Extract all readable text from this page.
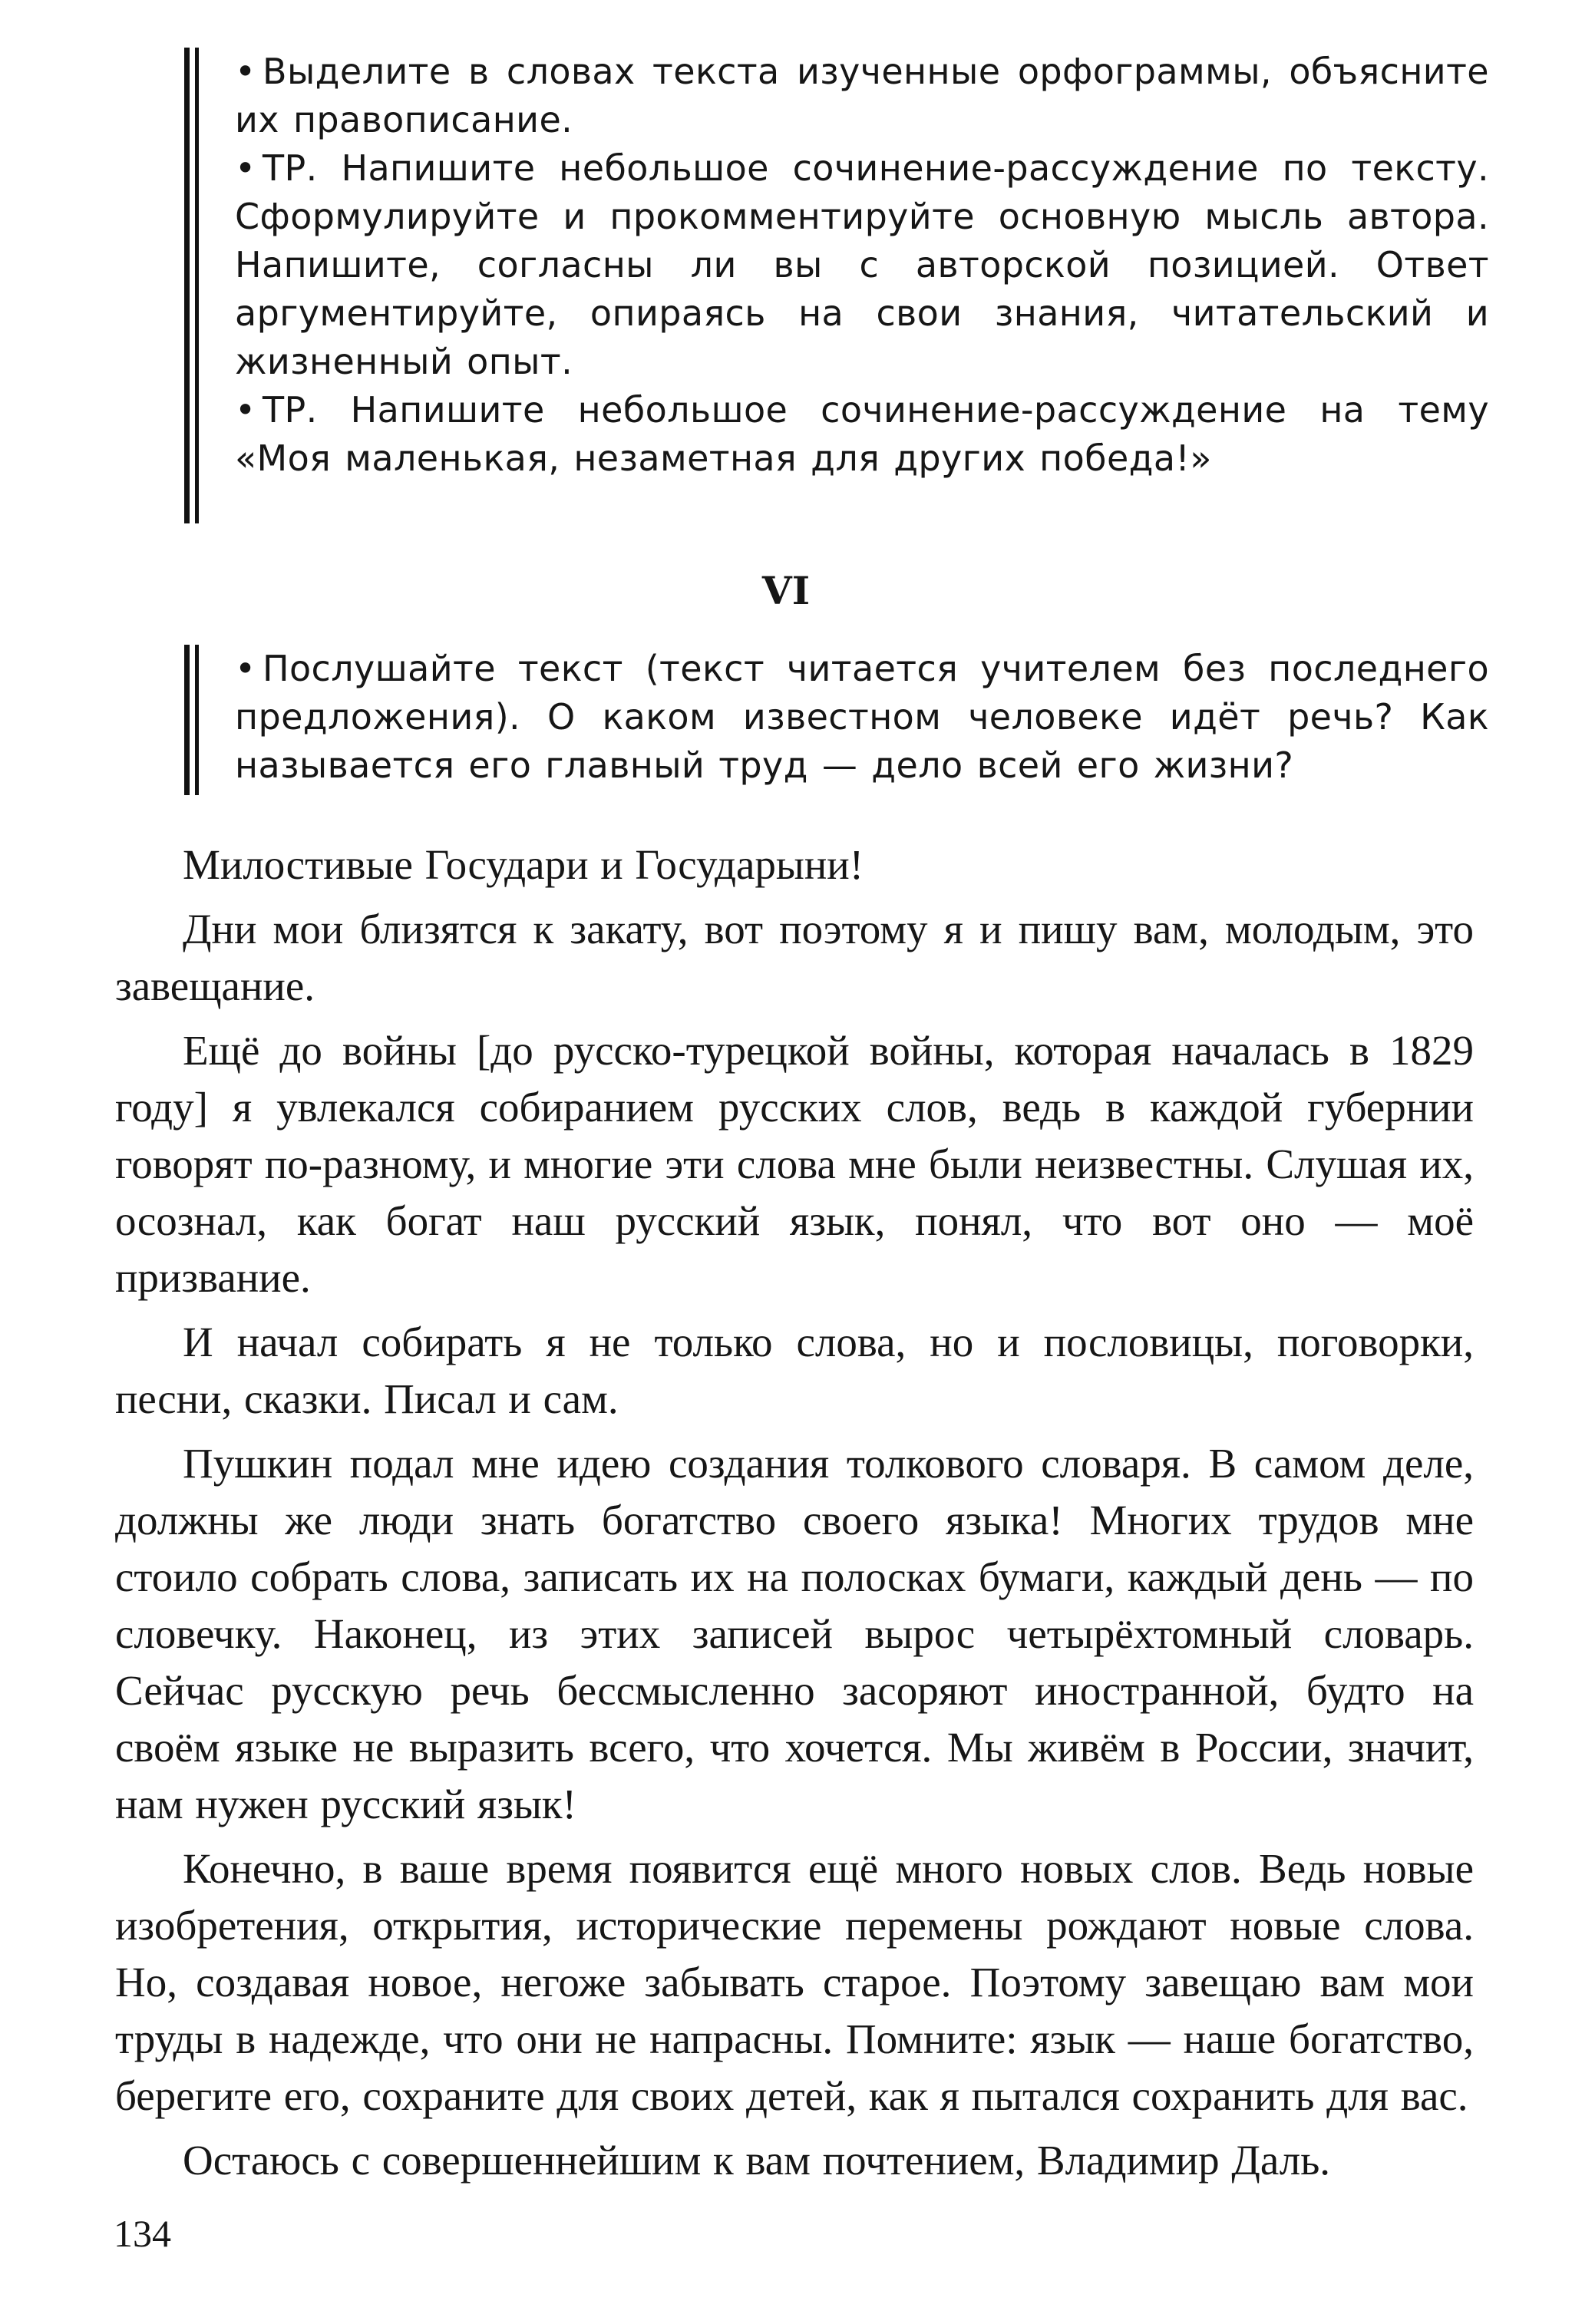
• Выделите в словах текста изученные орфограммы, объясните их правописание.

• ТР. Напишите небольшое сочинение-рассуждение по тексту. Сформулируйте и прокомментируйте основную мысль автора. Напишите, согласны ли вы с авторской позицией. Ответ аргументируйте, опираясь на свои знания, читательский и жизненный опыт.

• ТР. Напишите небольшое сочинение-рассуждение на тему «Моя маленькая, незаметная для других победа!»

VI

• Послушайте текст (текст читается учителем без последнего предложения). О каком известном человеке идёт речь? Как называется его главный труд — дело всей его жизни?

Милостивые Государи и Государыни!

Дни мои близятся к закату, вот поэтому я и пишу вам, молодым, это завещание.

Ещё до войны [до русско-турецкой войны, которая началась в 1829 году] я увлекался собиранием русских слов, ведь в каждой губернии говорят по-разному, и многие эти слова мне были неизвестны. Слушая их, осознал, как богат наш русский язык, понял, что вот оно — моё призвание.

И начал собирать я не только слова, но и пословицы, поговорки, песни, сказки. Писал и сам.

Пушкин подал мне идею создания толкового словаря. В самом деле, должны же люди знать богатство своего языка! Многих трудов мне стоило собрать слова, записать их на полосках бумаги, каждый день — по словечку. Наконец, из этих записей вырос четырёхтомный словарь. Сейчас русскую речь бессмысленно засоряют иностранной, будто на своём языке не выразить всего, что хочется. Мы живём в России, значит, нам нужен русский язык!

Конечно, в ваше время появится ещё много новых слов. Ведь новые изобретения, открытия, исторические перемены рождают новые слова. Но, создавая новое, негоже забывать старое. Поэтому завещаю вам мои труды в надежде, что они не напрасны. Помните: язык — наше богатство, берегите его, сохраните для своих детей, как я пытался сохранить для вас.

Остаюсь с совершеннейшим к вам почтением, Владимир Даль.

134
